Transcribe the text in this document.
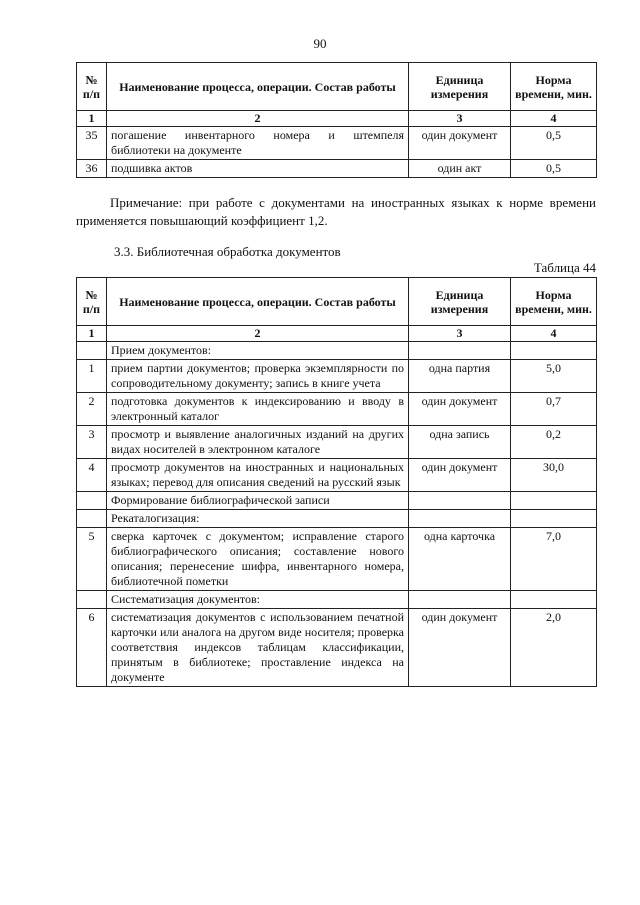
90
№ п/п	Наименование процесса, операции. Состав работы	Единица измерения	Норма времени, мин.
1	2	3	4
35	погашение инвентарного номера и штемпеля библиотеки на документе	один документ	0,5
36	подшивка актов	один акт	0,5
Примечание: при работе с документами на иностранных языках к норме времени применяется повышающий коэффициент 1,2.
3.3. Библиотечная обработка документов
Таблица 44
№ п/п	Наименование процесса, операции. Состав работы	Единица измерения	Норма времени, мин.
1	2	3	4
	Прием документов:		
1	прием партии документов; проверка экземплярности по сопроводительному документу; запись в книге учета	одна партия	5,0
2	подготовка документов к индексированию и вводу в электронный каталог	один документ	0,7
3	просмотр и выявление аналогичных изданий на других видах носителей в электронном каталоге	одна запись	0,2
4	просмотр документов на иностранных и национальных языках; перевод для описания сведений на русский язык	один документ	30,0
	Формирование библиографической записи		
	Рекаталогизация:		
5	сверка карточек с документом; исправление старого библиографического описания; составление нового описания; перенесение шифра, инвентарного номера, библиотечной пометки	одна карточка	7,0
	Систематизация документов:		
6	систематизация документов с использованием печатной карточки или аналога на другом виде носителя; проверка соответствия индексов таблицам классификации, принятым в библиотеке; проставление индекса на документе	один документ	2,0
